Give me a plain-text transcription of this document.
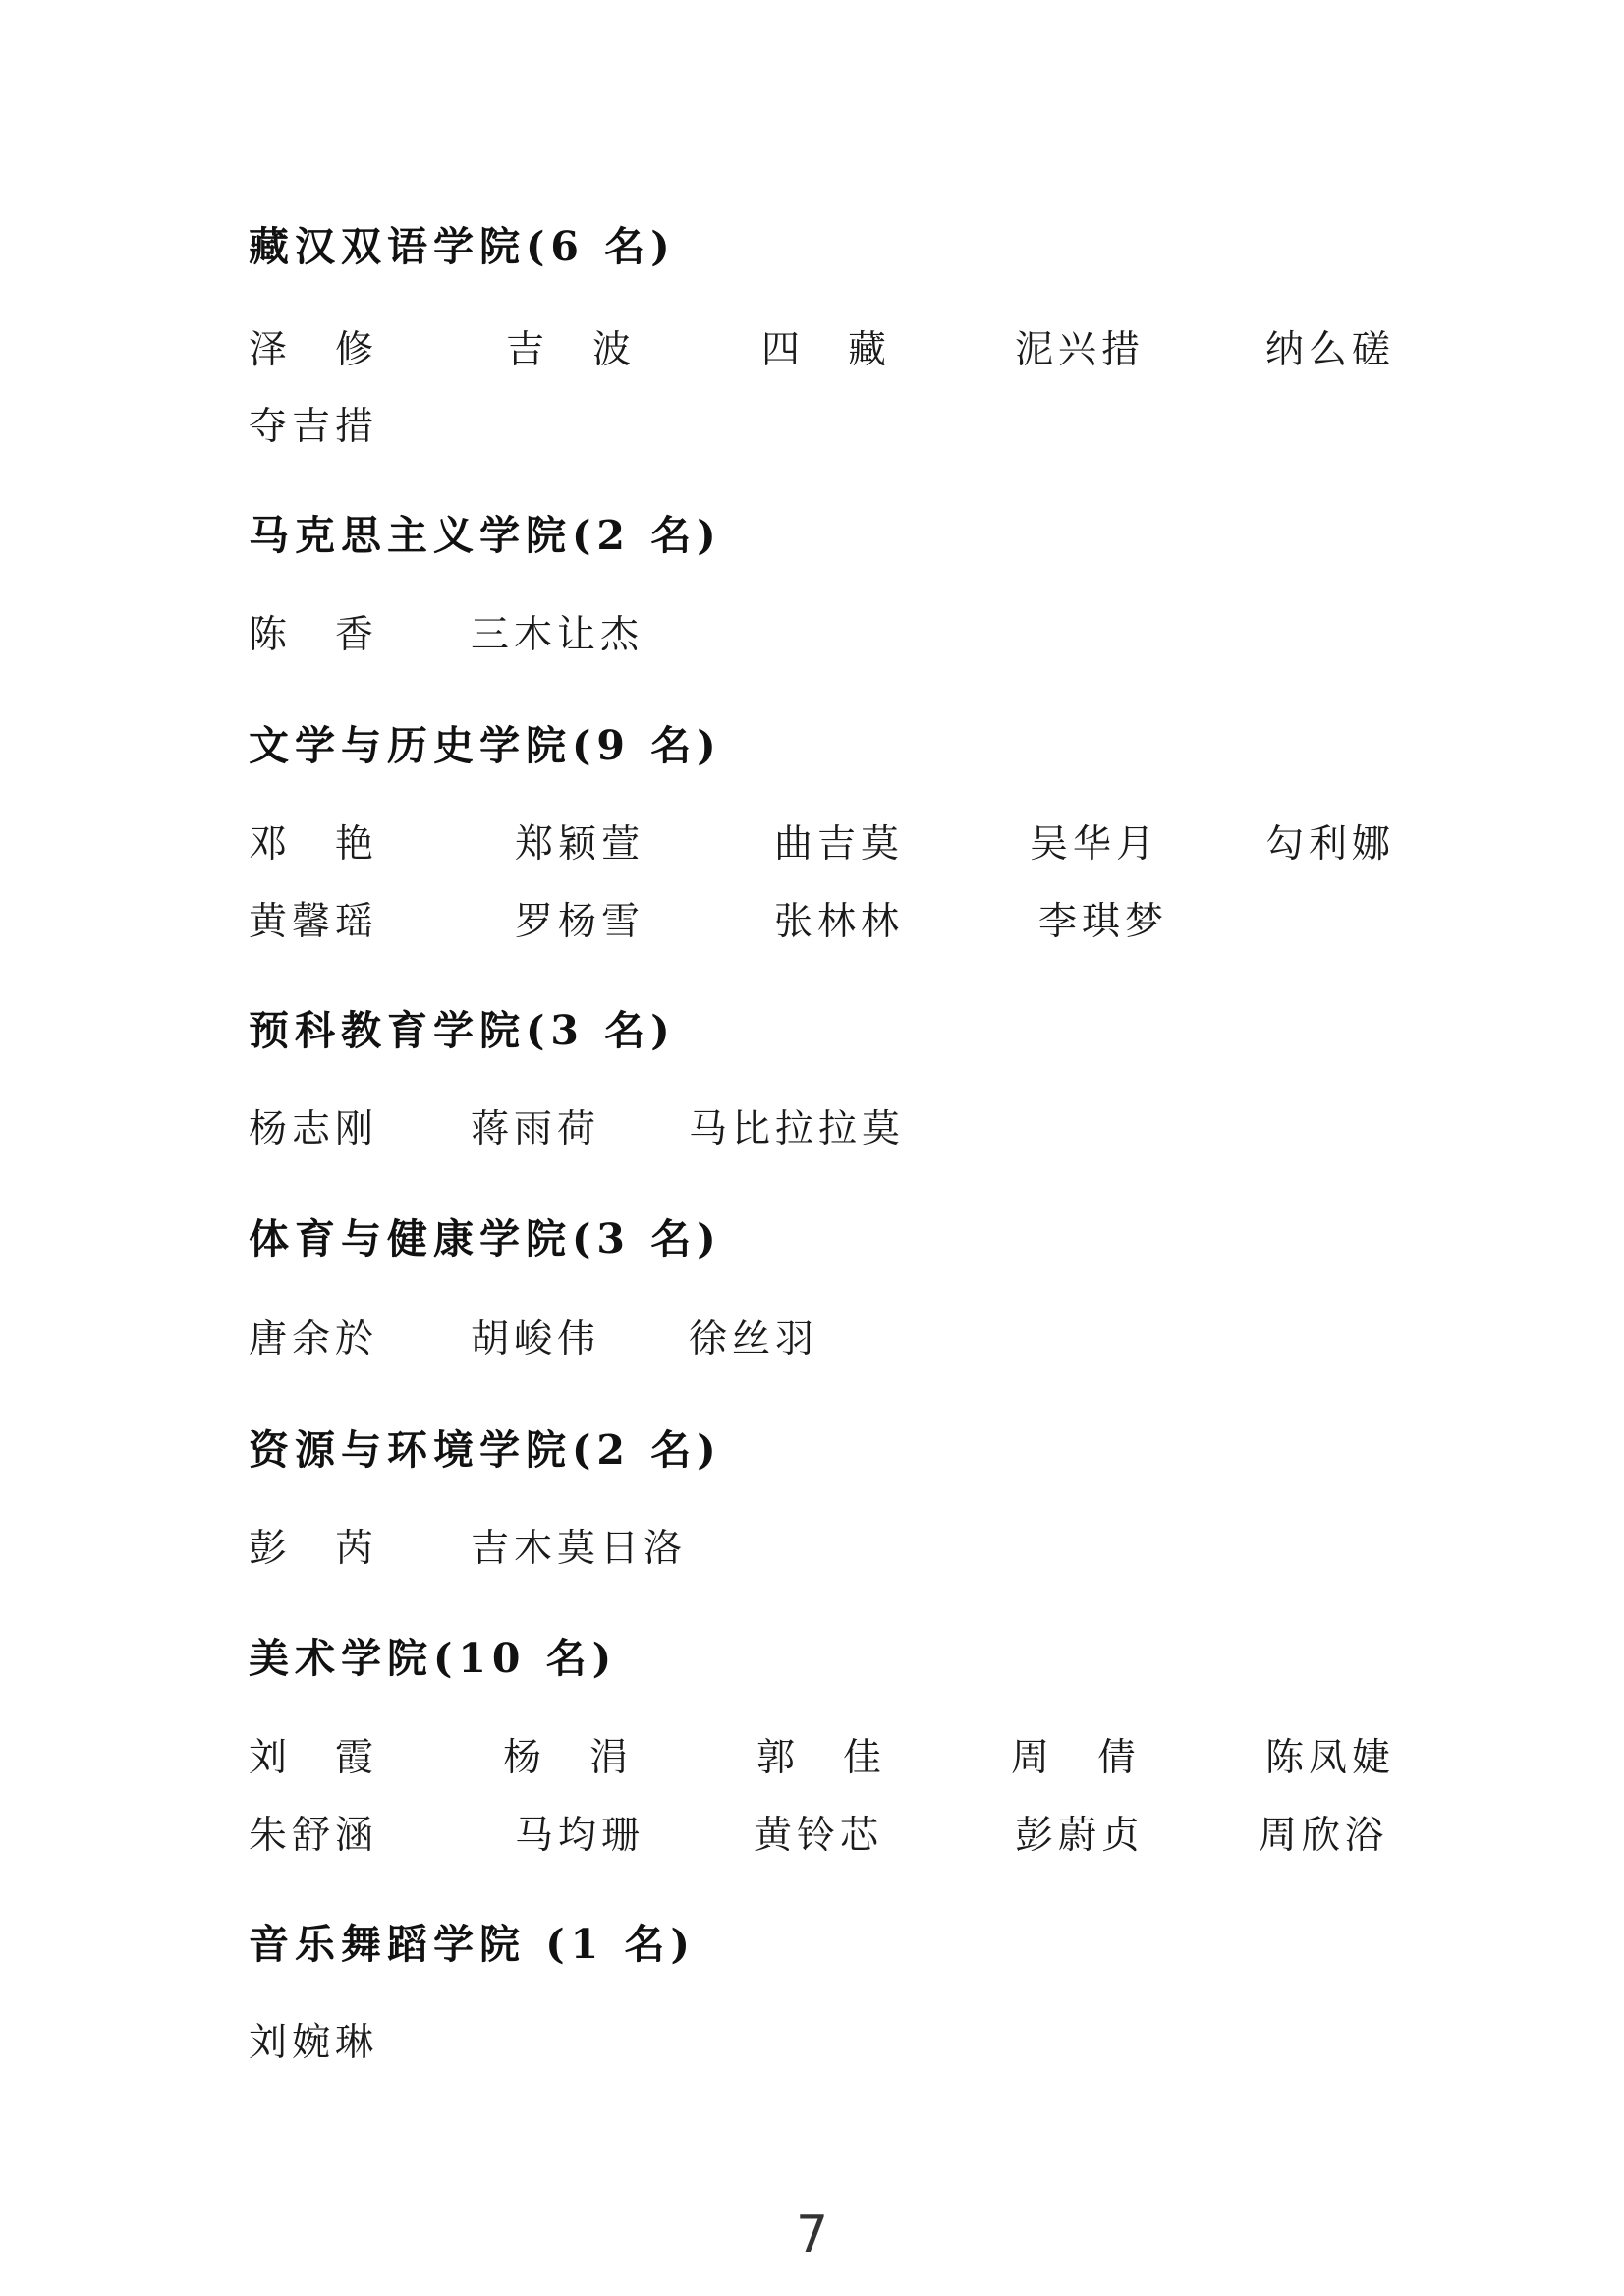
藏汉双语学院(6 名)
泽　修	吉　波	四　藏	泥兴措	纳么磋
夺吉措
马克思主义学院(2 名)
陈　香 三木让杰
文学与历史学院(9 名)
邓　艳	郑颖萱	曲吉莫	吴华月	勾利娜
黄馨瑶	罗杨雪	张林林	李琪梦
预科教育学院(3 名)
杨志刚 蒋雨荷 马比拉拉莫
体育与健康学院(3 名)
唐余於 胡峻伟 徐丝羽
资源与环境学院(2 名)
彭　芮 吉木莫日洛
美术学院(10 名)
刘　霞	杨　涓	郭　佳	周　倩	陈凤婕
朱舒涵	马均珊	黄铃芯	彭蔚贞	周欣浴
音乐舞蹈学院 (1 名)
刘婉琳
7
